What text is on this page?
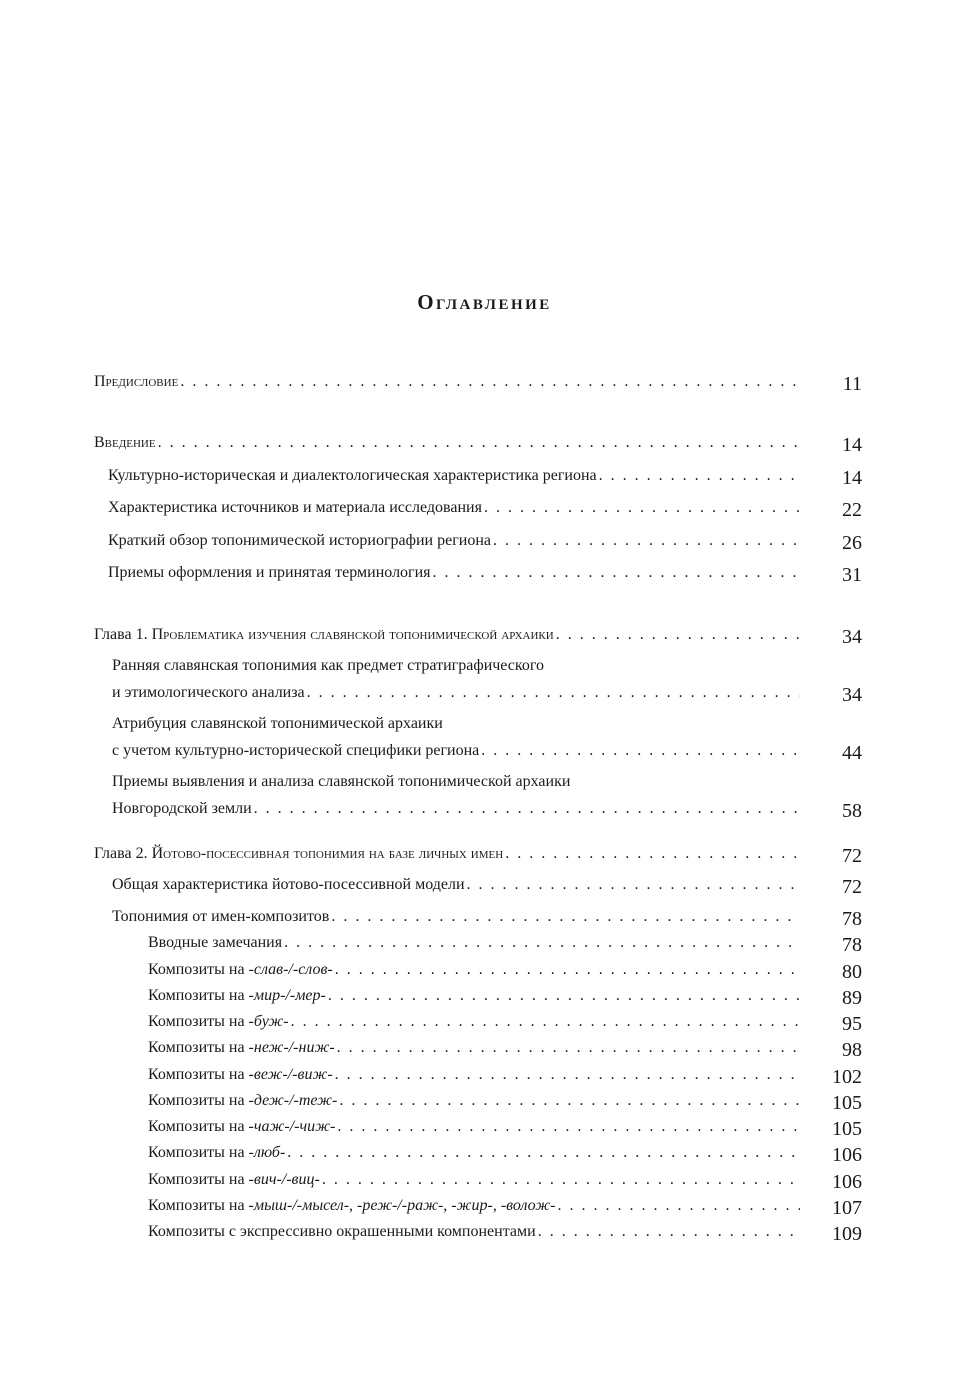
Оглавление
Предисловие . . .	11
Введение . . .	14
Культурно-историческая и диалектологическая характеристика региона . . .	14
Характеристика источников и материала исследования . . .	22
Краткий обзор топонимической историографии региона . . .	26
Приемы оформления и принятая терминология . . .	31
Глава 1. Проблематика изучения славянской топонимической архаики . . .	34
Ранняя славянская топонимия как предмет стратиграфического
и этимологического анализа . . .	34
Атрибуция славянской топонимической архаики
с учетом культурно-исторической специфики региона . . .	44
Приемы выявления и анализа славянской топонимической архаики
Новгородской земли . . .	58
Глава 2. Йотово-посессивная топонимия на базе личных имен . . .	72
Общая характеристика йотово-посессивной модели . . .	72
Топонимия от имен-композитов . . .	78
Вводные замечания . . .	78
Композиты на -слав-/-слов- . . .	80
Композиты на -мир-/-мер- . . .	89
Композиты на -буж- . . .	95
Композиты на -неж-/-ниж- . . .	98
Композиты на -веж-/-виж- . . .	102
Композиты на -деж-/-теж- . . .	105
Композиты на -чаж-/-чиж- . . .	105
Композиты на -люб- . . .	106
Композиты на -вич-/-виц- . . .	106
Композиты на -мыш-/-мысел-, -реж-/-раж-, -жир-, -волож- . . .	107
Композиты с экспрессивно окрашенными компонентами . . .	109
